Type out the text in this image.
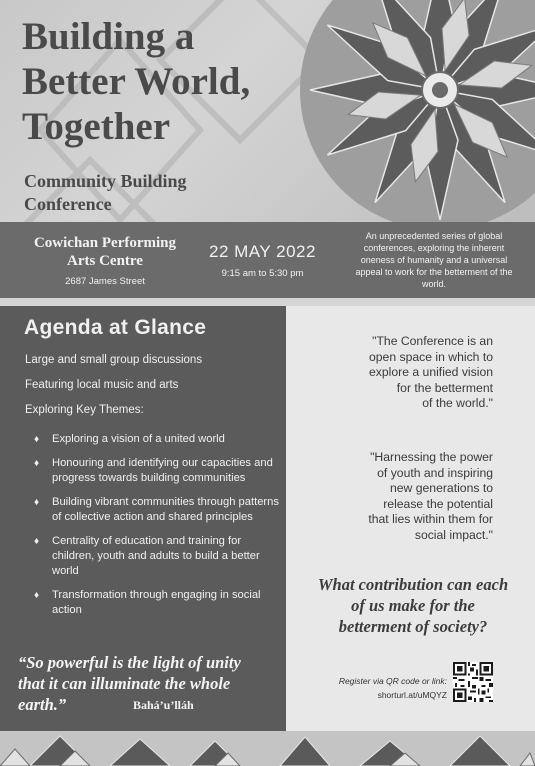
Building a
Better World,
Together
Community Building
Conference
Cowichan Performing
Arts Centre
2687 James Street
22 MAY 2022
9:15 am to 5:30 pm
An unprecedented series of global conferences, exploring the inherent oneness of humanity and a universal appeal to work for the betterment of the world.
Agenda at Glance
Large and small group discussions
Featuring local music and arts
Exploring Key Themes:
♦ Exploring a vision of a united world
♦ Honouring and identifying our capacities and progress towards building communities
♦ Building vibrant communities through patterns of collective action and shared principles
♦ Centrality of education and training for children, youth and adults to build a better world
♦ Transformation through engaging in social action
“So powerful is the light of unity
that it can illuminate the whole
earth.”	Bahá’u’lláh
"The Conference is an
open space in which to
explore a unified vision
for the betterment
of the world."
"Harnessing the power
of youth and inspiring
new generations to
release the potential
that lies within them for
social impact."
What contribution can each
of us make for the
betterment of society?
Register via QR code or link:
shorturl.at/uMQYZ
